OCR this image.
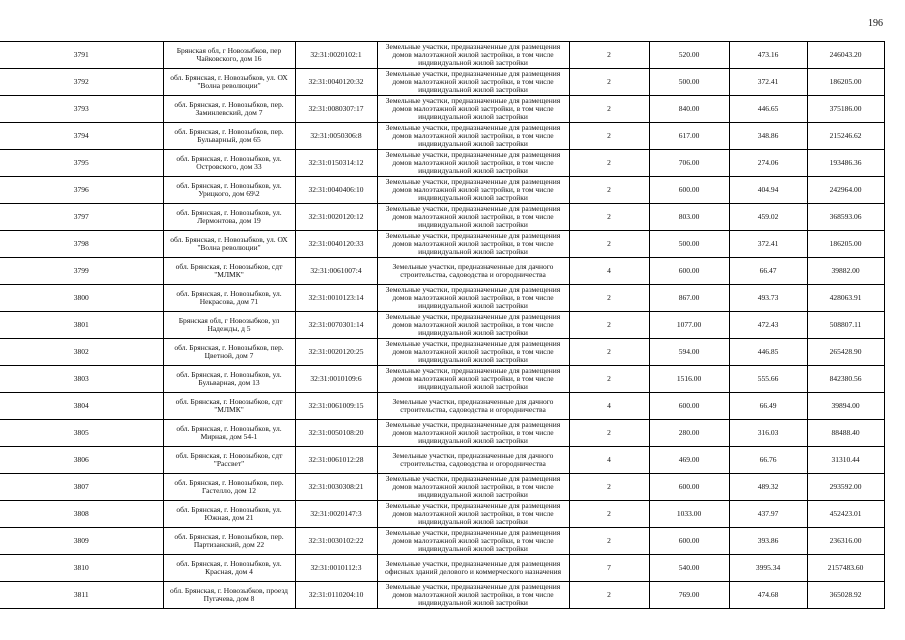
196
3791	Брянская обл, г Новозыбков, пер Чайковского, дом 16	32:31:0020102:1	Земельные участки, предназначенные для размещения домов малоэтажной жилой застройки, в том числе индивидуальной жилой застройки	2	520.00	473.16	246043.20
3792	обл. Брянская, г. Новозыбков, ул. ОХ "Волна революции"	32:31:0040120:32	Земельные участки, предназначенные для размещения домов малоэтажной жилой застройки, в том числе индивидуальной жилой застройки	2	500.00	372.41	186205.00
3793	обл. Брянская, г. Новозыбков, пер. Заминлевский, дом 7	32:31:0080307:17	Земельные участки, предназначенные для размещения домов малоэтажной жилой застройки, в том числе индивидуальной жилой застройки	2	840.00	446.65	375186.00
3794	обл. Брянская, г. Новозыбков, пер. Бульварный, дом 65	32:31:0050306:8	Земельные участки, предназначенные для размещения домов малоэтажной жилой застройки, в том числе индивидуальной жилой застройки	2	617.00	348.86	215246.62
3795	обл. Брянская, г. Новозыбков, ул. Островского, дом 33	32:31:0150314:12	Земельные участки, предназначенные для размещения домов малоэтажной жилой застройки, в том числе индивидуальной жилой застройки	2	706.00	274.06	193486.36
3796	обл. Брянская, г. Новозыбков, ул. Урицкого, дом 69\2	32:31:0040406:10	Земельные участки, предназначенные для размещения домов малоэтажной жилой застройки, в том числе индивидуальной жилой застройки	2	600.00	404.94	242964.00
3797	обл. Брянская, г. Новозыбков, ул. Лермонтова, дом 19	32:31:0020120:12	Земельные участки, предназначенные для размещения домов малоэтажной жилой застройки, в том числе индивидуальной жилой застройки	2	803.00	459.02	368593.06
3798	обл. Брянская, г. Новозыбков, ул. ОХ "Волна революции"	32:31:0040120:33	Земельные участки, предназначенные для размещения домов малоэтажной жилой застройки, в том числе индивидуальной жилой застройки	2	500.00	372.41	186205.00
3799	обл. Брянская, г. Новозыбков, сдт "МЛМК"	32:31:0061007:4	Земельные участки, предназначенные для дачного строительства, садоводства и огородничества	4	600.00	66.47	39882.00
3800	обл. Брянская, г. Новозыбков, ул. Некрасова, дом 71	32:31:0010123:14	Земельные участки, предназначенные для размещения домов малоэтажной жилой застройки, в том числе индивидуальной жилой застройки	2	867.00	493.73	428063.91
3801	Брянская обл, г Новозыбков, ул Надежды, д 5	32:31:0070301:14	Земельные участки, предназначенные для размещения домов малоэтажной жилой застройки, в том числе индивидуальной жилой застройки	2	1077.00	472.43	508807.11
3802	обл. Брянская, г. Новозыбков, пер. Цветной, дом 7	32:31:0020120:25	Земельные участки, предназначенные для размещения домов малоэтажной жилой застройки, в том числе индивидуальной жилой застройки	2	594.00	446.85	265428.90
3803	обл. Брянская, г. Новозыбков, ул. Бульварная, дом 13	32:31:0010109:6	Земельные участки, предназначенные для размещения домов малоэтажной жилой застройки, в том числе индивидуальной жилой застройки	2	1516.00	555.66	842380.56
3804	обл. Брянская, г. Новозыбков, сдт "МЛМК"	32:31:0061009:15	Земельные участки, предназначенные для дачного строительства, садоводства и огородничества	4	600.00	66.49	39894.00
3805	обл. Брянская, г. Новозыбков, ул. Мирная, дом 54-1	32:31:0050108:20	Земельные участки, предназначенные для размещения домов малоэтажной жилой застройки, в том числе индивидуальной жилой застройки	2	280.00	316.03	88488.40
3806	обл. Брянская, г. Новозыбков, сдт "Рассвет"	32:31:0061012:28	Земельные участки, предназначенные для дачного строительства, садоводства и огородничества	4	469.00	66.76	31310.44
3807	обл. Брянская, г. Новозыбков, пер. Гастелло, дом 12	32:31:0030308:21	Земельные участки, предназначенные для размещения домов малоэтажной жилой застройки, в том числе индивидуальной жилой застройки	2	600.00	489.32	293592.00
3808	обл. Брянская, г. Новозыбков, ул. Южная, дом 21	32:31:0020147:3	Земельные участки, предназначенные для размещения домов малоэтажной жилой застройки, в том числе индивидуальной жилой застройки	2	1033.00	437.97	452423.01
3809	обл. Брянская, г. Новозыбков, пер. Партизанский, дом 22	32:31:0030102:22	Земельные участки, предназначенные для размещения домов малоэтажной жилой застройки, в том числе индивидуальной жилой застройки	2	600.00	393.86	236316.00
3810	обл. Брянская, г. Новозыбков, ул. Красная, дом 4	32:31:0010112:3	Земельные участки, предназначенные для размещения офисных зданий делового и коммерческого назначения	7	540.00	3995.34	2157483.60
3811	обл. Брянская, г. Новозыбков, проезд Пугачева, дом 8	32:31:0110204:10	Земельные участки, предназначенные для размещения домов малоэтажной жилой застройки, в том числе индивидуальной жилой застройки	2	769.00	474.68	365028.92
